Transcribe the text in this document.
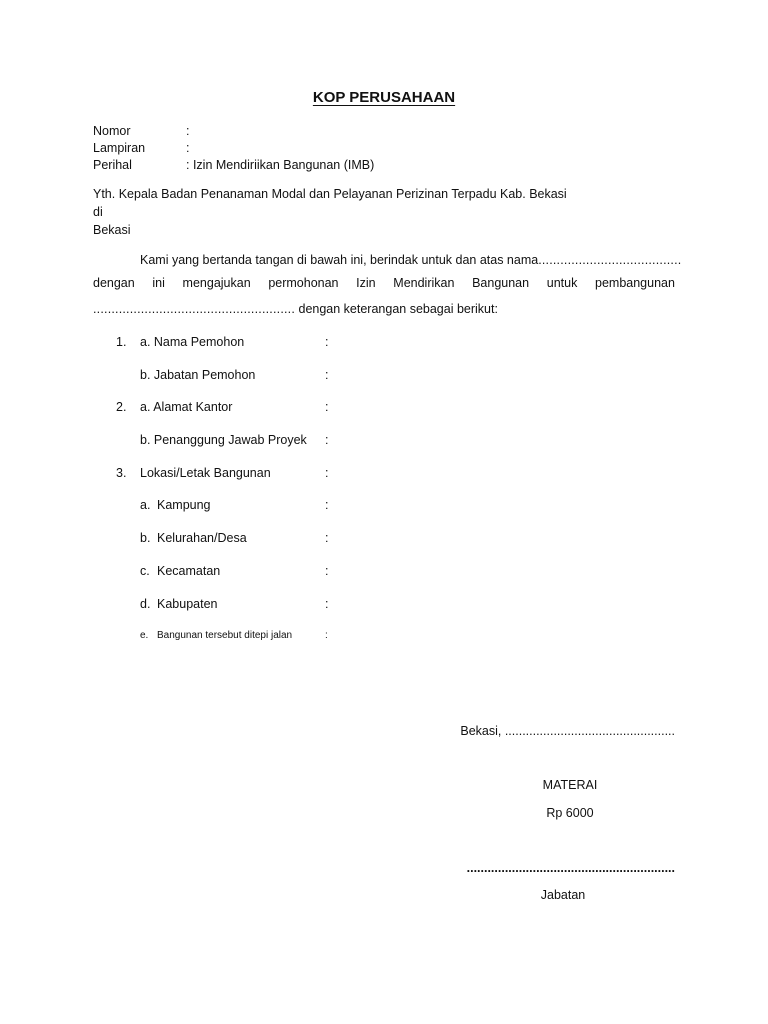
KOP PERUSAHAAN
Nomor	:
Lampiran	:
Perihal	: Izin Mendiriikan Bangunan (IMB)
Yth. Kepala Badan Penanaman Modal dan Pelayanan Perizinan Terpadu Kab. Bekasi
di
Bekasi
Kami yang bertanda tangan di bawah ini, berindak untuk dan atas nama.......................................
dengan ini mengajukan permohonan Izin Mendirikan Bangunan untuk pembangunan
....................................................... dengan keterangan sebagai berikut:
1. a. Nama Pemohon	:
b. Jabatan Pemohon	:
2. a. Alamat Kantor	:
b. Penanggung Jawab Proyek :
3. Lokasi/Letak Bangunan	:
a. Kampung	:
b. Kelurahan/Desa	:
c. Kecamatan	:
d. Kabupaten	:
e. Bangunan tersebut ditepi jalan	:
Bekasi, .................................................
MATERAI
Rp 6000
............................................................
Jabatan
